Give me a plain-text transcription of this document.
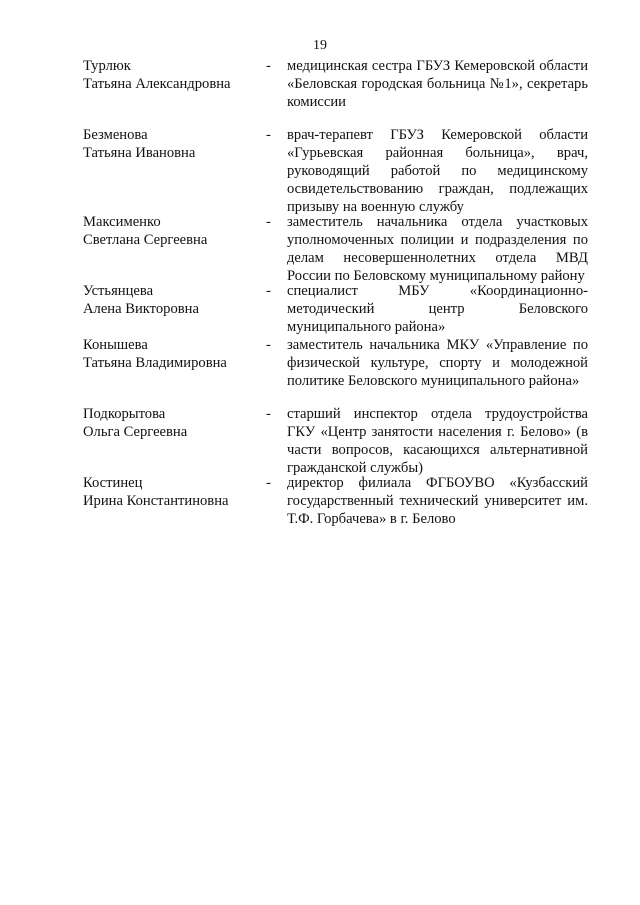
19
Турлюк
Татьяна Александровна
- медицинская сестра ГБУЗ Кемеровской области «Беловская городская больница №1», секретарь комиссии
Безменова
Татьяна Ивановна
- врач-терапевт ГБУЗ Кемеровской области «Гурьевская районная больница», врач, руководящий работой по медицинскому освидетельствованию граждан, подлежащих призыву на военную службу
Максименко
Светлана Сергеевна
- заместитель начальника отдела участковых уполномоченных полиции и подразделения по делам несовершеннолетних отдела МВД России по Беловскому муниципальному району
Устьянцева
Алена Викторовна
- специалист МБУ «Координационно-методический центр Беловского муниципального района»
Конышева
Татьяна Владимировна
- заместитель начальника МКУ «Управление по физической культуре, спорту и молодежной политике Беловского муниципального района»
Подкорытова
Ольга Сергеевна
- старший инспектор отдела трудоустройства ГКУ «Центр занятости населения г. Белово» (в части вопросов, касающихся альтернативной гражданской службы)
Костинец
Ирина Константиновна
- директор филиала ФГБОУВО «Кузбасский государственный технический университет им. Т.Ф. Горбачева» в г. Белово
